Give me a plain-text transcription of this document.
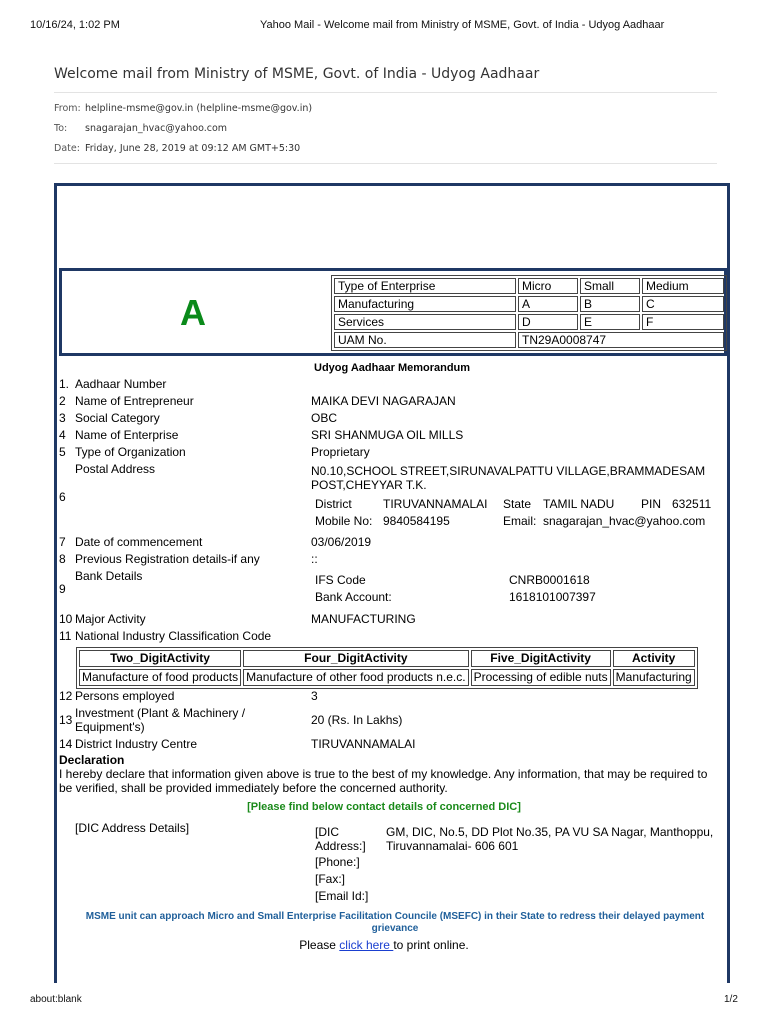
10/16/24, 1:02 PM	Yahoo Mail - Welcome mail from Ministry of MSME, Govt. of India - Udyog Aadhaar
Welcome mail from Ministry of MSME, Govt. of India - Udyog Aadhaar
From: helpline-msme@gov.in (helpline-msme@gov.in)
To: snagarajan_hvac@yahoo.com
Date: Friday, June 28, 2019 at 09:12 AM GMT+5:30
A
Type of Enterprise	Micro	Small	Medium
Manufacturing	A	B	C
Services	D	E	F
UAM No.	TN29A0008747		
Udyog Aadhaar Memorandum
1. Aadhaar Number
2 Name of Entrepreneur	MAIKA DEVI NAGARAJAN
3 Social Category	OBC
4 Name of Enterprise	SRI SHANMUGA OIL MILLS
5 Type of Organization	Proprietary
6
Postal Address	N0.10,SCHOOL STREET,SIRUNAVALPATTU VILLAGE,BRAMMADESAM
POST,CHEYYAR T.K.
District	TIRUVANNAMALAI State TAMIL NADU PIN 632511
Mobile No: 9840584195	Email: snagarajan_hvac@yahoo.com
7 Date of commencement	03/06/2019
8 Previous Registration details-if any	::
9
Bank Details	IFS Code	CNRB0001618
Bank Account:	1618101007397
10 Major Activity	MANUFACTURING
11 National Industry Classification Code
Two_DigitActivity	Four_DigitActivity	Five_DigitActivity	Activity
Manufacture of food products	Manufacture of other food products n.e.c.	Processing of edible nuts	Manufacturing
12 Persons employed	3
13 Investment (Plant & Machinery /
Equipment's)	20 (Rs. In Lakhs)
14 District Industry Centre	TIRUVANNAMALAI
Declaration
I hereby declare that information given above is true to the best of my knowledge. Any information, that may be required to be verified, shall be provided immediately before the concerned authority.
[Please find below contact details of concerned DIC]
[DIC Address Details]	[DIC
Address:]
GM, DIC, No.5, DD Plot No.35, PA VU SA Nagar, Manthoppu,
Tiruvannamalai- 606 601
[Phone:]
[Fax:]
[Email Id:]
MSME unit can approach Micro and Small Enterprise Facilitation Councile (MSEFC) in their State to redress their delayed payment
grievance
Please click here to print online.
about:blank	1/2
